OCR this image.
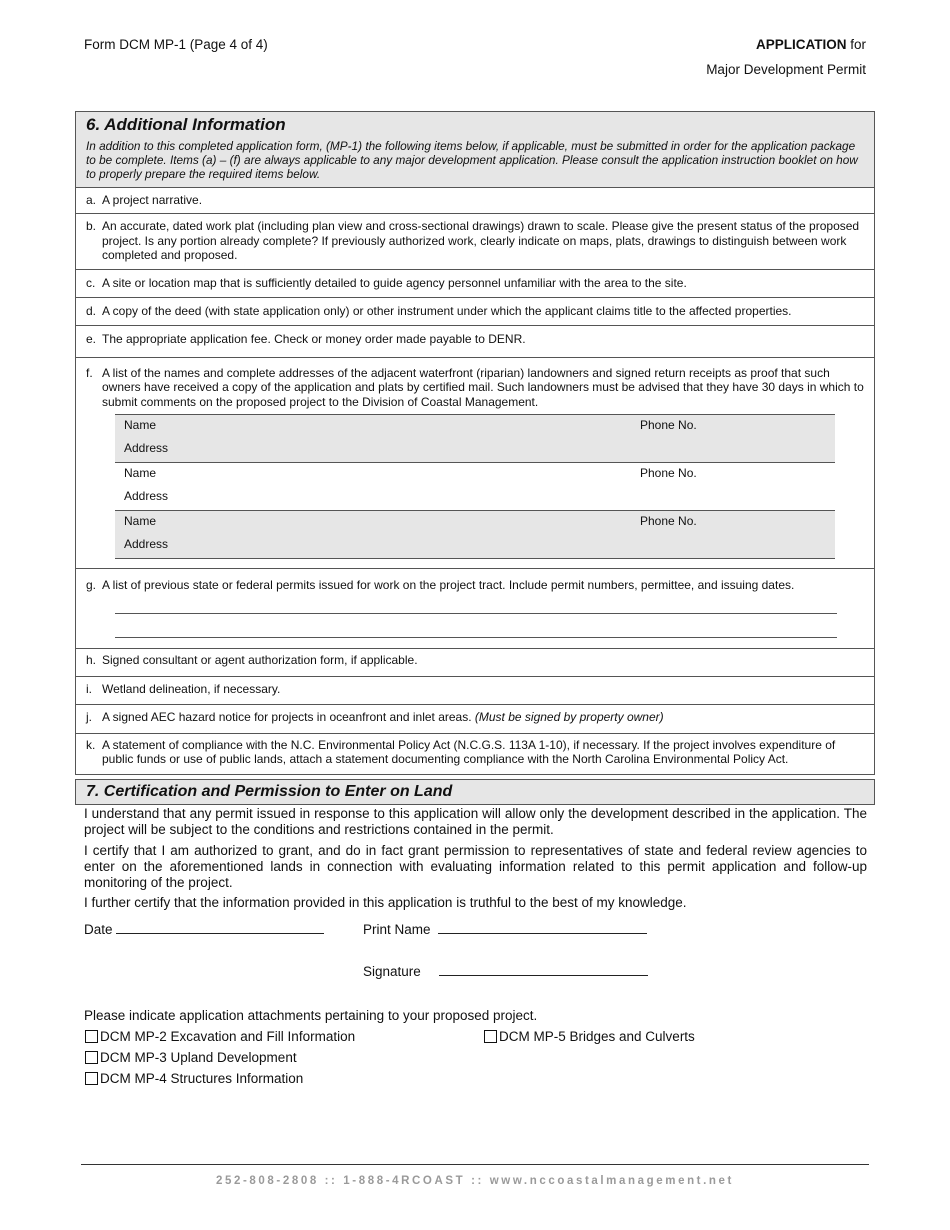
Form DCM MP-1 (Page 4 of 4)	APPLICATION for
Major Development Permit
6. Additional Information
In addition to this completed application form, (MP-1) the following items below, if applicable, must be submitted in order for the application package to be complete. Items (a) – (f) are always applicable to any major development application. Please consult the application instruction booklet on how to properly prepare the required items below.
a. A project narrative.
b. An accurate, dated work plat (including plan view and cross-sectional drawings) drawn to scale. Please give the present status of the proposed project. Is any portion already complete? If previously authorized work, clearly indicate on maps, plats, drawings to distinguish between work completed and proposed.
c. A site or location map that is sufficiently detailed to guide agency personnel unfamiliar with the area to the site.
d. A copy of the deed (with state application only) or other instrument under which the applicant claims title to the affected properties.
e. The appropriate application fee. Check or money order made payable to DENR.
f. A list of the names and complete addresses of the adjacent waterfront (riparian) landowners and signed return receipts as proof that such owners have received a copy of the application and plats by certified mail. Such landowners must be advised that they have 30 days in which to submit comments on the proposed project to the Division of Coastal Management.
Name	Phone No.
Address
Name	Phone No.
Address
Name	Phone No.
Address
g. A list of previous state or federal permits issued for work on the project tract. Include permit numbers, permittee, and issuing dates.
h. Signed consultant or agent authorization form, if applicable.
i. Wetland delineation, if necessary.
j. A signed AEC hazard notice for projects in oceanfront and inlet areas. (Must be signed by property owner)
k. A statement of compliance with the N.C. Environmental Policy Act (N.C.G.S. 113A 1-10), if necessary. If the project involves expenditure of public funds or use of public lands, attach a statement documenting compliance with the North Carolina Environmental Policy Act.
7. Certification and Permission to Enter on Land
I understand that any permit issued in response to this application will allow only the development described in the application. The project will be subject to the conditions and restrictions contained in the permit.
I certify that I am authorized to grant, and do in fact grant permission to representatives of state and federal review agencies to enter on the aforementioned lands in connection with evaluating information related to this permit application and follow-up monitoring of the project.
I further certify that the information provided in this application is truthful to the best of my knowledge.
Date	Print Name
Signature
Please indicate application attachments pertaining to your proposed project.
DCM MP-2 Excavation and Fill Information	DCM MP-5 Bridges and Culverts
DCM MP-3 Upland Development
DCM MP-4 Structures Information
252-808-2808 :: 1-888-4RCOAST :: www.nccoastalmanagement.net
